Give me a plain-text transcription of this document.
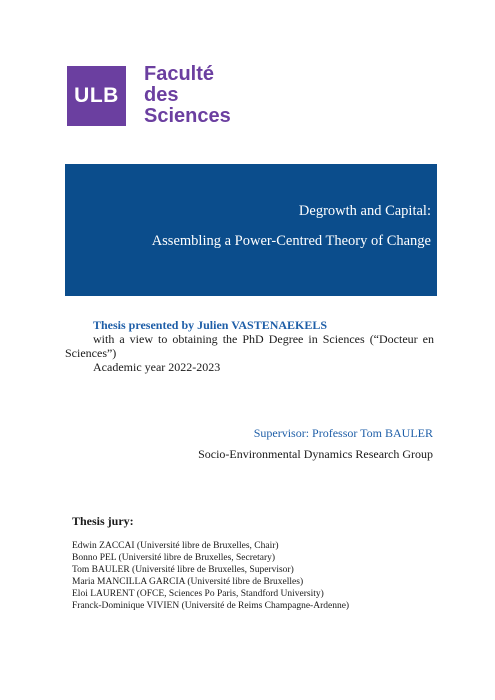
ULB
Faculté
des
Sciences
Degrowth and Capital:
Assembling a Power-Centred Theory of Change
Thesis presented by Julien VASTENAEKELS
with a view to obtaining the PhD Degree in Sciences (“Docteur en Sciences”)
Academic year 2022-2023
Supervisor: Professor Tom BAULER
Socio-Environmental Dynamics Research Group
Thesis jury:
Edwin ZACCAI (Université libre de Bruxelles, Chair)
Bonno PEL (Université libre de Bruxelles, Secretary)
Tom BAULER (Université libre de Bruxelles, Supervisor)
Maria MANCILLA GARCIA (Université libre de Bruxelles)
Eloi LAURENT (OFCE, Sciences Po Paris, Standford University)
Franck-Dominique VIVIEN (Université de Reims Champagne-Ardenne)
